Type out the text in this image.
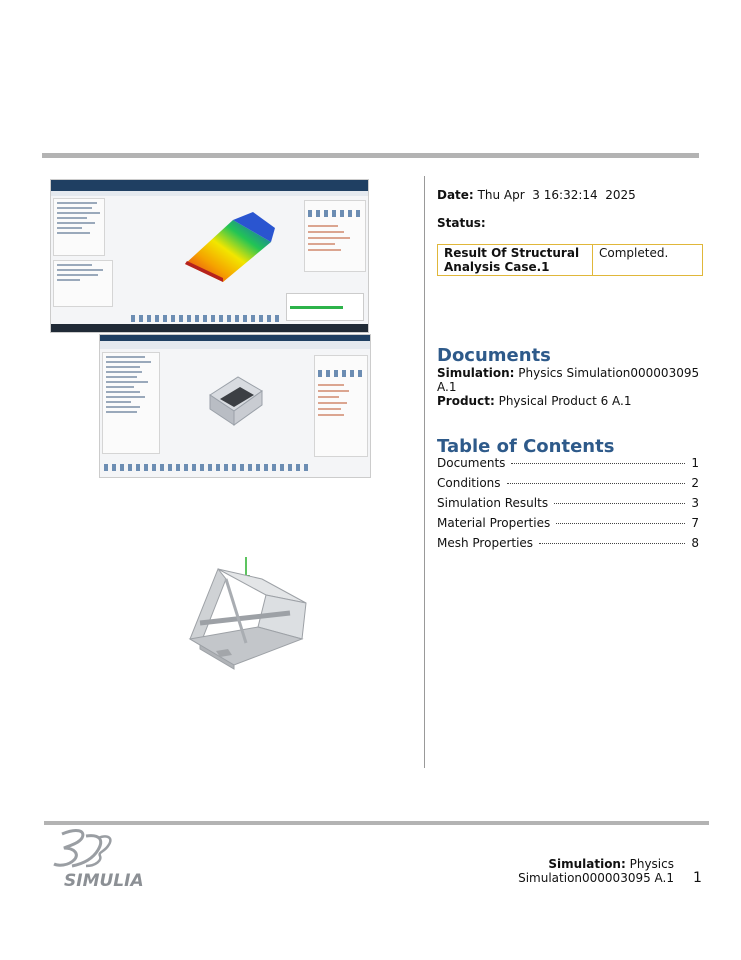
Date: Thu Apr  3 16:32:14  2025
Status:
Result Of Structural Analysis Case.1	Completed.
Documents
Simulation: Physics Simulation000003095 A.1
Product: Physical Product 6 A.1
Table of Contents
Documents	1
Conditions	2
Simulation Results	3
Material Properties	7
Mesh Properties	8
SIMULIA
Simulation: Physics Simulation000003095 A.1 1
